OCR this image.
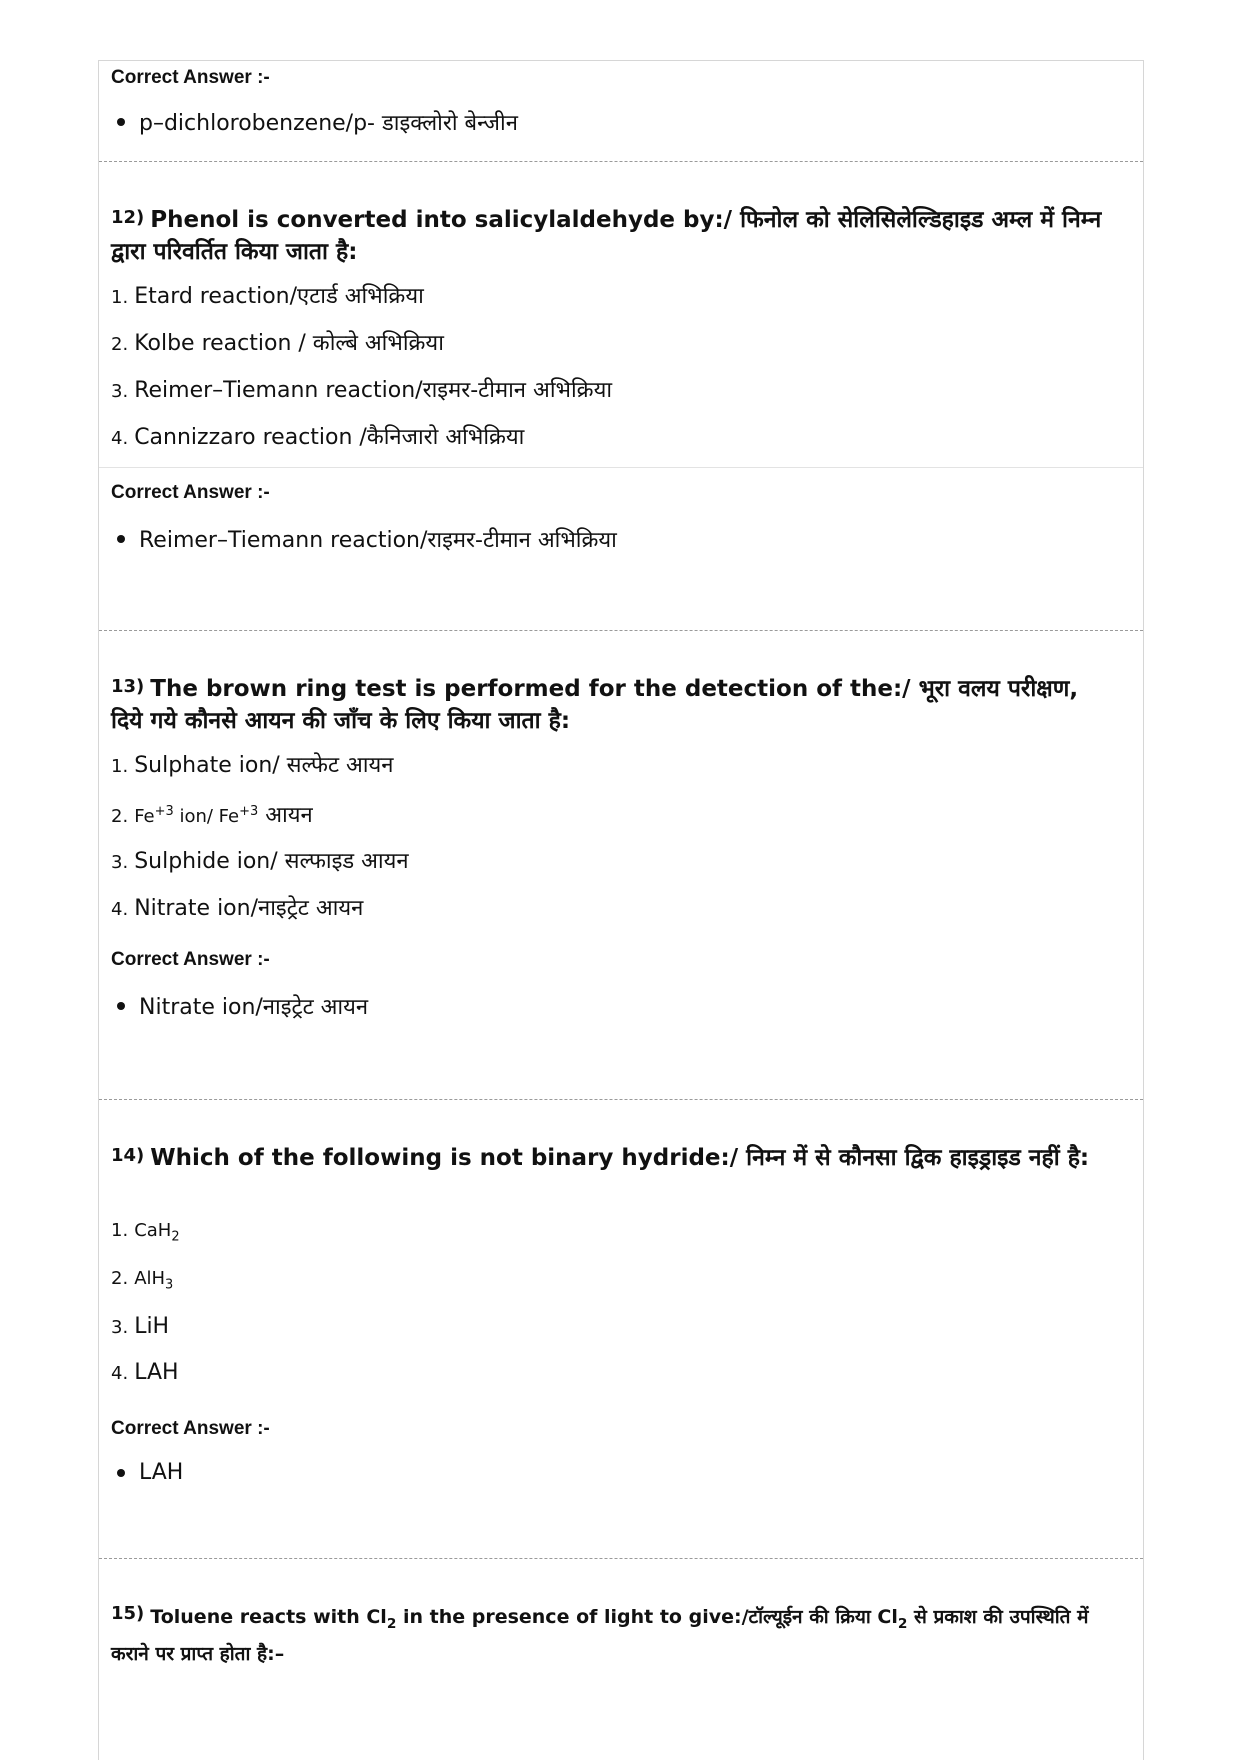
Correct Answer :-
p–dichlorobenzene/p- डाइक्लोरो बेन्जीन
12) Phenol is converted into salicylaldehyde by:/ फिनोल को सेलिसिलेल्डिहाइड अम्ल में निम्न द्वारा परिवर्तित किया जाता है:
1. Etard reaction/एटार्ड अभिक्रिया
2. Kolbe reaction / कोल्बे अभिक्रिया
3. Reimer–Tiemann reaction/राइमर-टीमान अभिक्रिया
4. Cannizzaro reaction /कैनिजारो अभिक्रिया
Correct Answer :-
Reimer–Tiemann reaction/राइमर-टीमान अभिक्रिया
13) The brown ring test is performed for the detection of the:/ भूरा वलय परीक्षण, दिये गये कौनसे आयन की जाँच के लिए किया जाता है:
1. Sulphate ion/ सल्फेट आयन
2. $Fe^{+3}$ ion/ $Fe^{+3}$ आयन
3. Sulphide ion/ सल्फाइड आयन
4. Nitrate ion/नाइट्रेट आयन
Correct Answer :-
Nitrate ion/नाइट्रेट आयन
14) Which of the following is not binary hydride:/ निम्न में से कौनसा द्विक हाइड्राइड नहीं है:
1. CaH$_2$
2. AlH$_3$
3. LiH
4. LAH
Correct Answer :-
LAH
15) Toluene reacts with $Cl_2$ in the presence of light to give:/टॉल्यूईन की क्रिया $Cl_2$ से प्रकाश की उपस्थिति में कराने पर प्राप्त होता है:–
